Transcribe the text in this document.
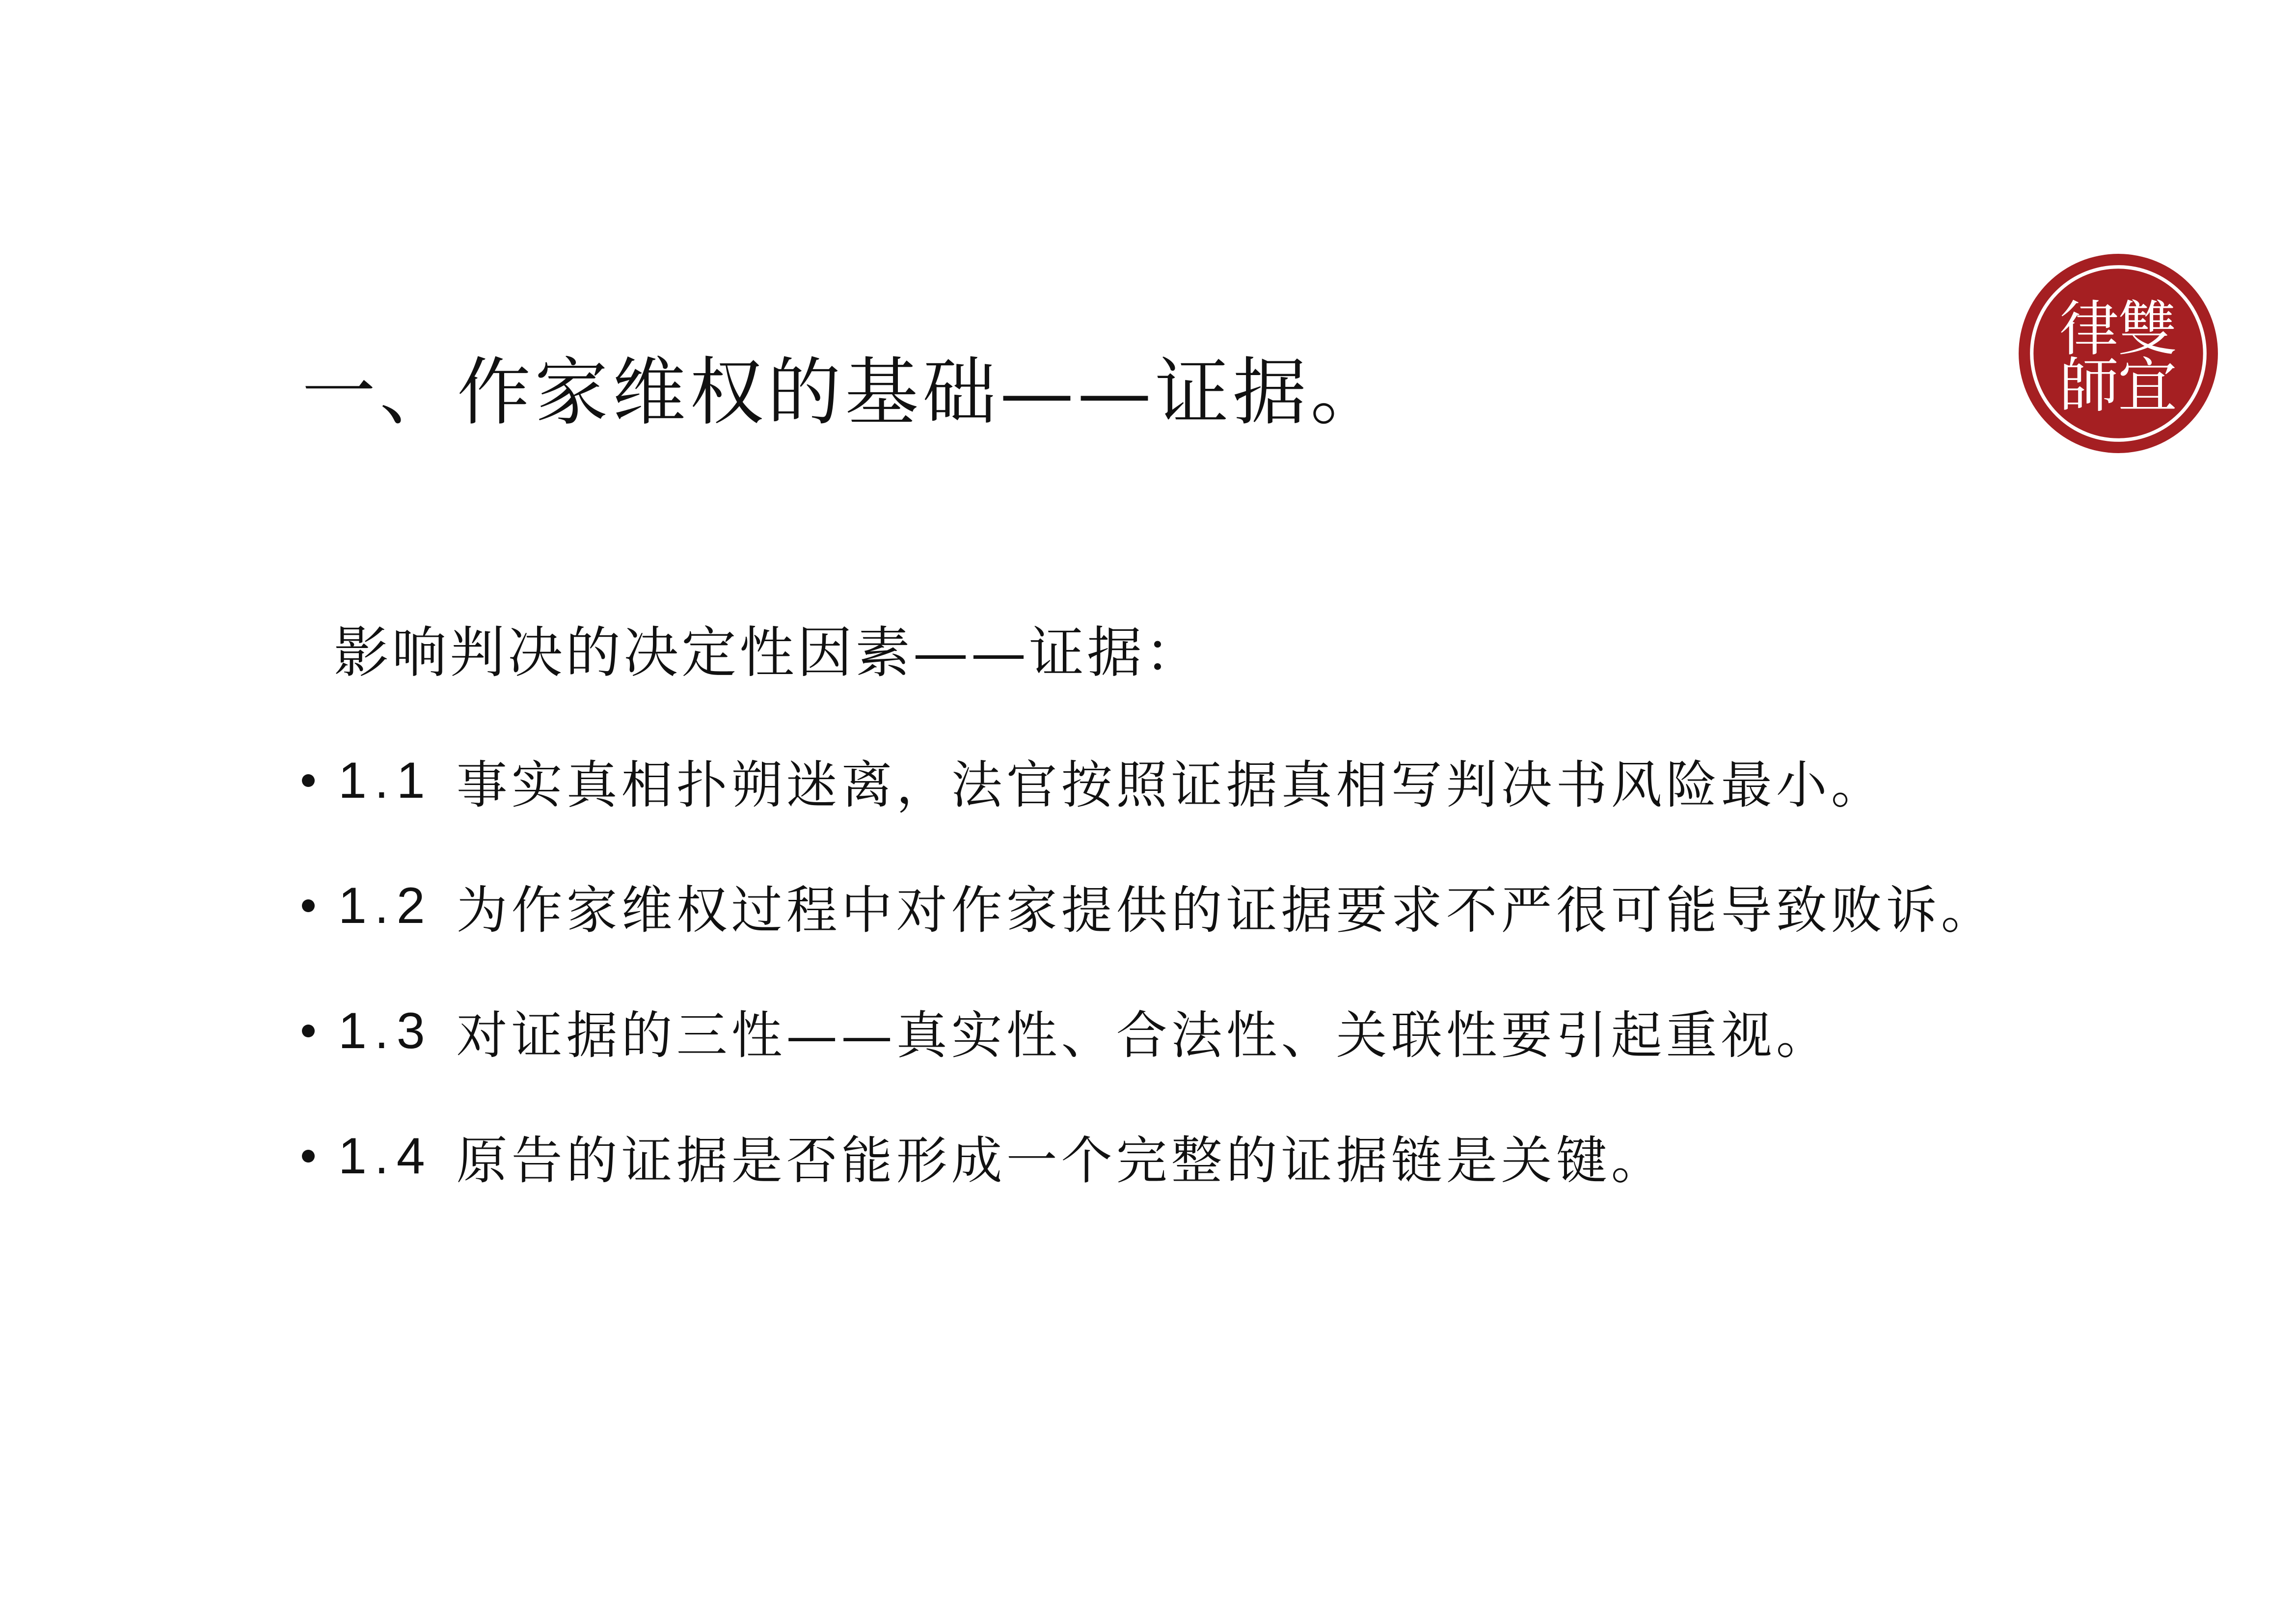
一、作家维权的基础——证据。
影响判决的决定性因素——证据：
1.1 事实真相扑朔迷离，法官按照证据真相写判决书风险最小。
1.2 为作家维权过程中对作家提供的证据要求不严很可能导致败诉。
1.3 对证据的三性——真实性、合法性、关联性要引起重视。
1.4 原告的证据是否能形成一个完整的证据链是关键。
律
雙
師
宜
